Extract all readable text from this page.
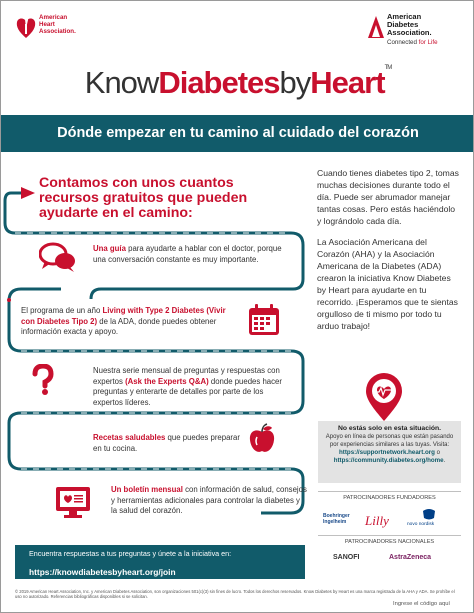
American
Heart
Association.
American
Diabetes
Association.
Connected for Life
KnowDiabetesbyHeart™
Dónde empezar en tu camino al cuidado del corazón
Contamos con unos cuantos recursos gratuitos que pueden ayudarte en el camino:
Una guía para ayudarte a hablar con el doctor, porque una conversación constante es muy importante.
El programa de un año Living with Type 2 Diabetes (Vivir con Diabetes Tipo 2) de la ADA, donde puedes obtener información exacta y apoyo.
Nuestra serie mensual de preguntas y respuestas con expertos (Ask the Experts Q&A) donde puedes hacer preguntas y enterarte de detalles por parte de los expertos líderes.
Recetas saludables que puedes preparar en tu cocina.
Un boletín mensual con información de salud, consejos y herramientas adicionales para controlar la diabetes y la salud del corazón.

Cuando tienes diabetes tipo 2, tomas muchas decisiones durante todo el día. Puede ser abrumador manejar tantas cosas. Pero estás haciéndolo y lográndolo cada día.

La Asociación Americana del Corazón (AHA) y la Asociación Americana de la Diabetes (ADA) crearon la iniciativa Know Diabetes by Heart para ayudarte en tu recorrido. ¡Esperamos que te sientas orgulloso de ti mismo por todo tu arduo trabajo!

No estás solo en esta situación.
Apoyo en línea de personas que están pasando por experiencias similares a las tuyas. Visita:
https://supportnetwork.heart.org o
https://community.diabetes.org/home.
PATROCINADORES FUNDADORES
Boehringer Ingelheim	Lilly	novo nordisk
PATROCINADORES NACIONALES
SANOFI	AstraZeneca
Encuentra respuestas a tus preguntas y únete a la iniciativa en:
https://knowdiabetesbyheart.org/join
© 2019 American Heart Association, Inc. y American Diabetes Association, son organizaciones 501(c)(3) sin fines de lucro. Todos los derechos reservados. Know Diabetes by Heart es una marca registrada de la AHA y ADA. Se prohíbe el uso no autorizado. Referencias bibliográficas disponibles si se solicitan.
Ingrese el código aquí
